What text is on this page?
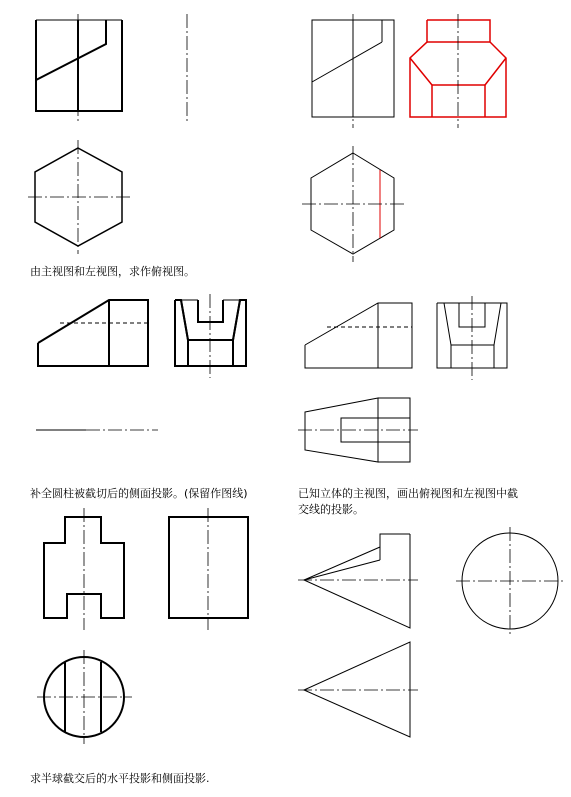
由主视图和左视图，求作俯视图。
补全圆柱被截切后的侧面投影。(保留作图线)	已知立体的主视图，画出俯视图和左视图中截
交线的投影。
求半球截交后的水平投影和侧面投影.
